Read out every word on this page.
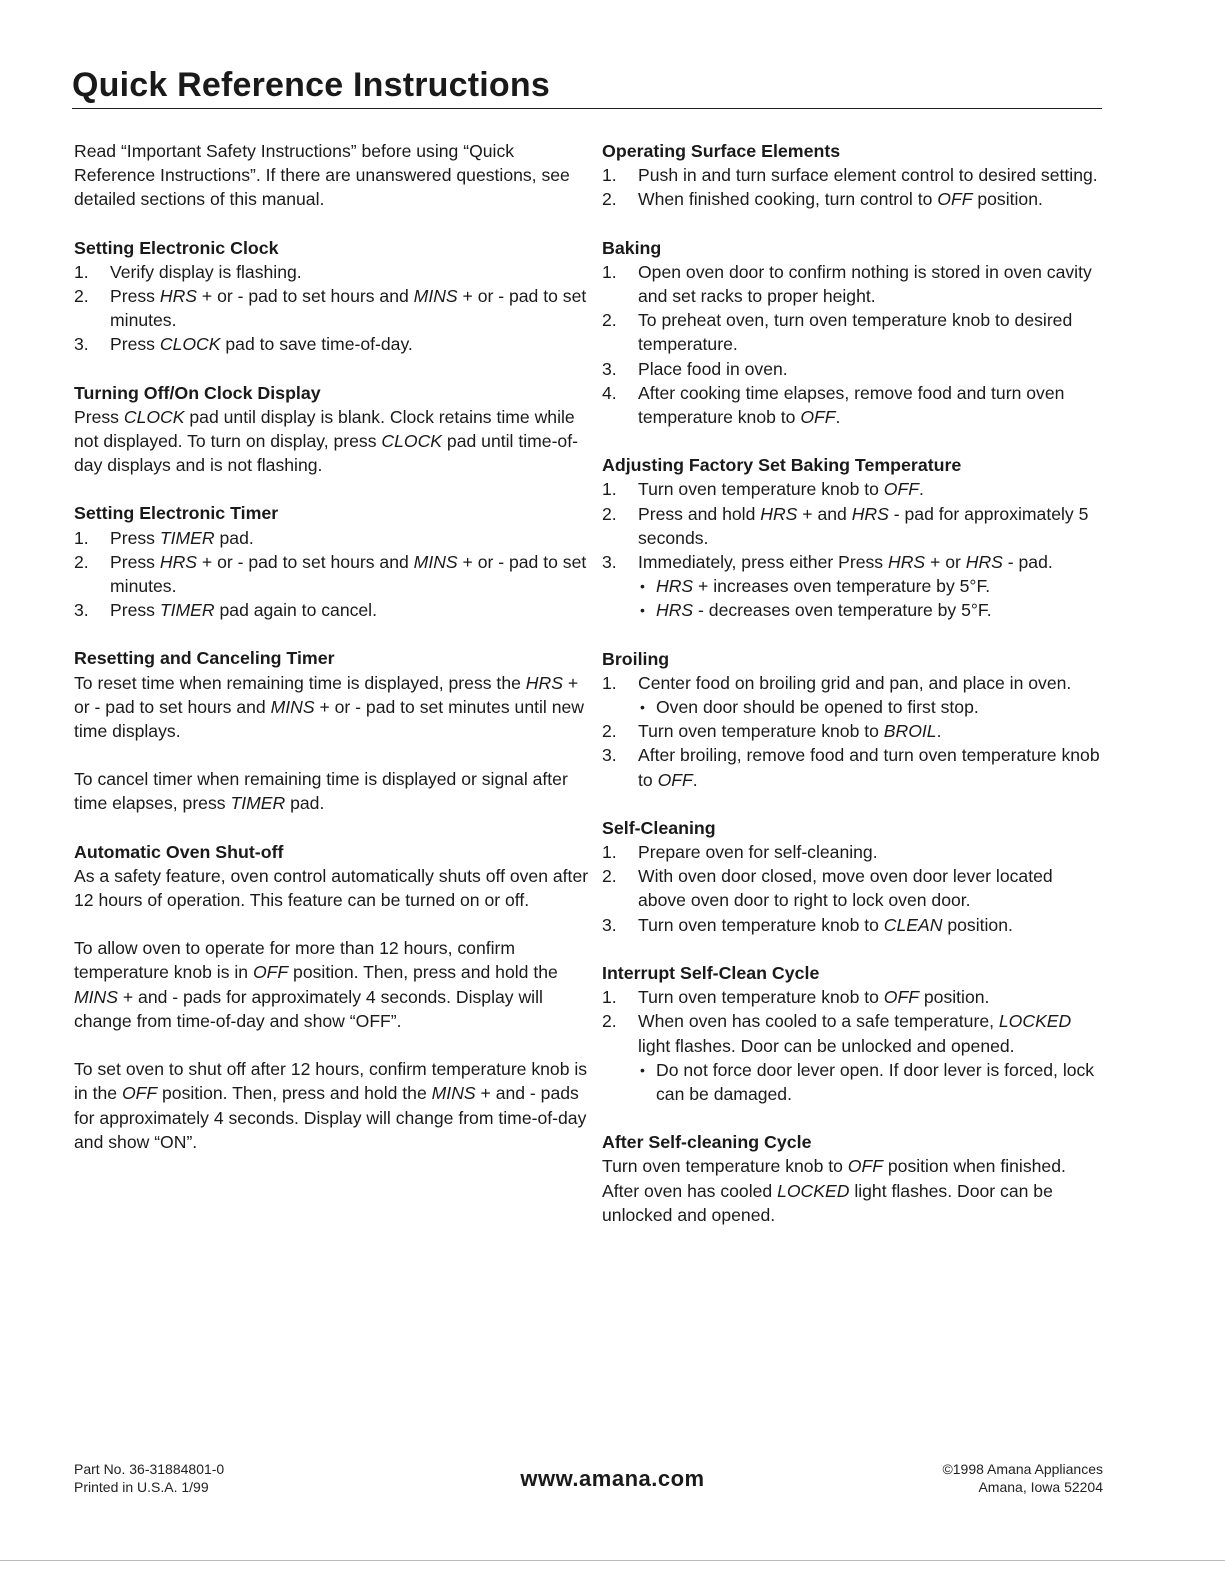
Quick Reference Instructions

Read “Important Safety Instructions” before using “Quick Reference Instructions”. If there are unanswered questions, see detailed sections of this manual.

Setting Electronic Clock

1. Verify display is flashing.
2. Press HRS + or - pad to set hours and MINS + or - pad to set minutes.
3. Press CLOCK pad to save time-of-day.

Turning Off/On Clock Display

Press CLOCK pad until display is blank. Clock retains time while not displayed. To turn on display, press CLOCK pad until time-of-day displays and is not flashing.

Setting Electronic Timer

1. Press TIMER pad.
2. Press HRS + or - pad to set hours and MINS + or - pad to set minutes.
3. Press TIMER pad again to cancel.

Resetting and Canceling Timer

To reset time when remaining time is displayed, press the HRS + or - pad to set hours and MINS + or - pad to set minutes until new time displays.

To cancel timer when remaining time is displayed or signal after time elapses, press TIMER pad.

Automatic Oven Shut-off

As a safety feature, oven control automatically shuts off oven after 12 hours of operation. This feature can be turned on or off.

To allow oven to operate for more than 12 hours, confirm temperature knob is in OFF position. Then, press and hold the MINS + and - pads for approximately 4 seconds. Display will change from time-of-day and show “OFF”.

To set oven to shut off after 12 hours, confirm temperature knob is in the OFF position. Then, press and hold the MINS + and - pads for approximately 4 seconds. Display will change from time-of-day and show “ON”.

Operating Surface Elements

1. Push in and turn surface element control to desired setting.
2. When finished cooking, turn control to OFF position.

Baking

1. Open oven door to confirm nothing is stored in oven cavity and set racks to proper height.
2. To preheat oven, turn oven temperature knob to desired temperature.
3. Place food in oven.
4. After cooking time elapses, remove food and turn oven temperature knob to OFF.

Adjusting Factory Set Baking Temperature

1. Turn oven temperature knob to OFF.
2. Press and hold HRS + and HRS - pad for approximately 5 seconds.
3. Immediately, press either Press HRS + or HRS - pad.
• HRS + increases oven temperature by 5°F.
• HRS - decreases oven temperature by 5°F.

Broiling

1. Center food on broiling grid and pan, and place in oven.
• Oven door should be opened to first stop.
2. Turn oven temperature knob to BROIL.
3. After broiling, remove food and turn oven temperature knob to OFF.

Self-Cleaning

1. Prepare oven for self-cleaning.
2. With oven door closed, move oven door lever located above oven door to right to lock oven door.
3. Turn oven temperature knob to CLEAN position.

Interrupt Self-Clean Cycle

1. Turn oven temperature knob to OFF position.
2. When oven has cooled to a safe temperature, LOCKED light flashes. Door can be unlocked and opened.
• Do not force door lever open. If door lever is forced, lock can be damaged.

After Self-cleaning Cycle

Turn oven temperature knob to OFF position when finished. After oven has cooled LOCKED light flashes. Door can be unlocked and opened.

Part No. 36-31884801-0
Printed in U.S.A. 1/99	www.amana.com	©1998 Amana Appliances
Amana, Iowa 52204
